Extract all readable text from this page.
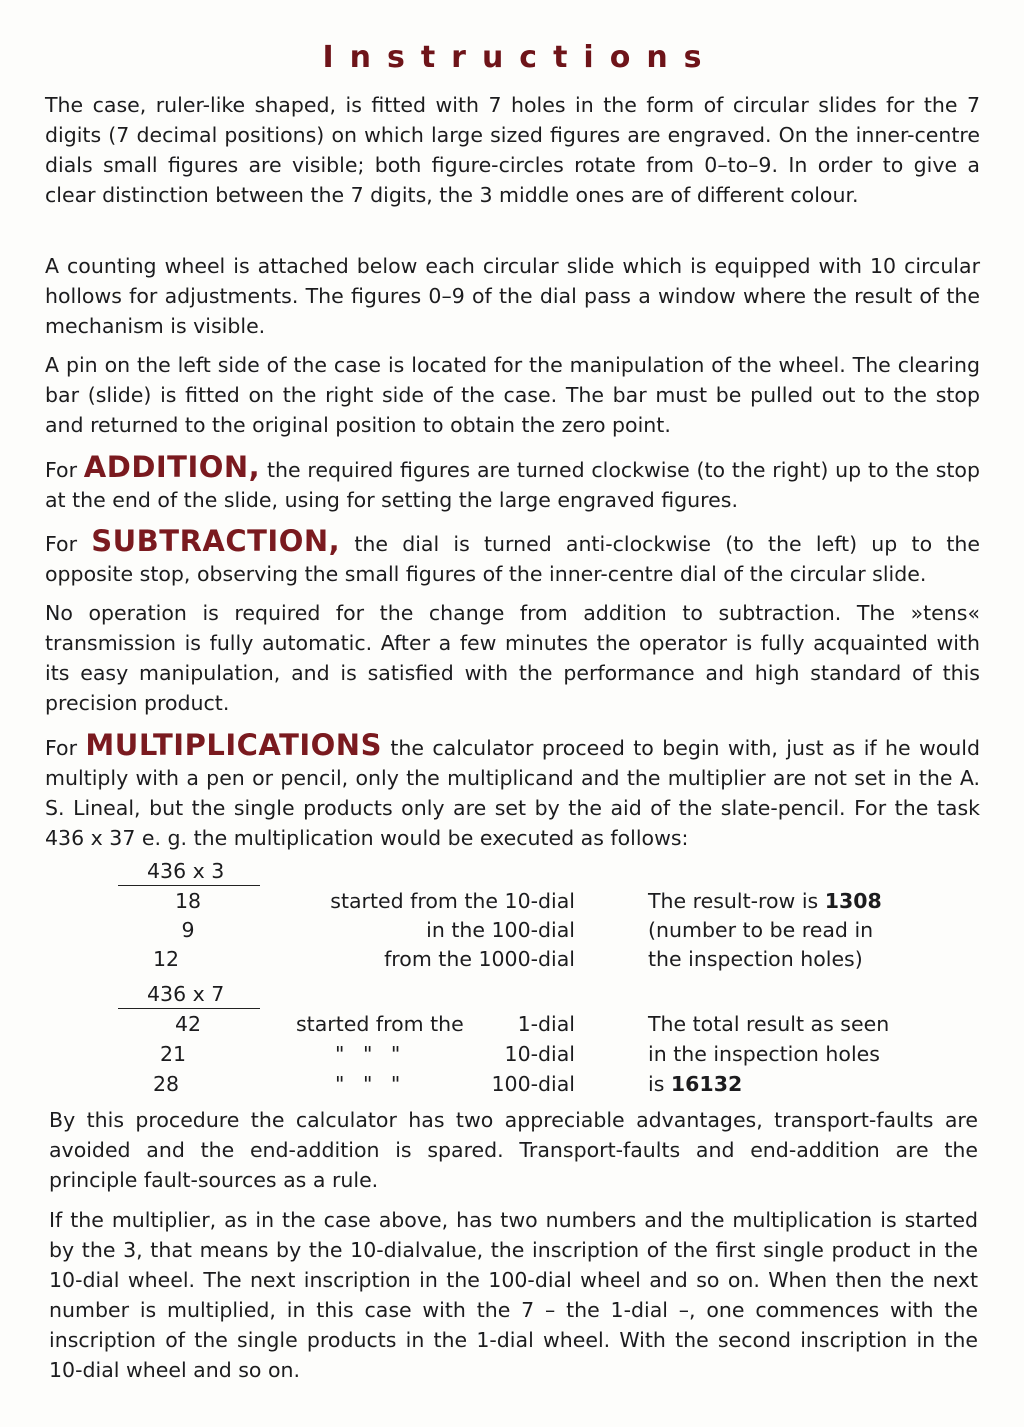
Instructions

The case, ruler-like shaped, is fitted with 7 holes in the form of circular slides for the 7 digits (7 decimal positions) on which large sized figures are engraved. On the inner-centre dials small figures are visible; both figure-circles rotate from 0–to–9. In order to give a clear distinction between the 7 digits, the 3 middle ones are of different colour.

A counting wheel is attached below each circular slide which is equipped with 10 circular hollows for adjustments. The figures 0–9 of the dial pass a window where the result of the mechanism is visible.

A pin on the left side of the case is located for the manipulation of the wheel. The clearing bar (slide) is fitted on the right side of the case. The bar must be pulled out to the stop and returned to the original position to obtain the zero point.

For ADDITION, the required figures are turned clockwise (to the right) up to the stop at the end of the slide, using for setting the large engraved figures.

For SUBTRACTION, the dial is turned anti-clockwise (to the left) up to the opposite stop, observing the small figures of the inner-centre dial of the circular slide.

No operation is required for the change from addition to subtraction. The »tens« transmission is fully automatic. After a few minutes the operator is fully acquainted with its easy manipulation, and is satisfied with the performance and high standard of this precision product.

For MULTIPLICATIONS the calculator proceed to begin with, just as if he would multiply with a pen or pencil, only the multiplicand and the multiplier are not set in the A. S. Lineal, but the single products only are set by the aid of the slate-pencil. For the task 436 x 37 e. g. the multiplication would be executed as follows:

436 x 3
18
9
12
started from the 10-dial
in the 100-dial
from the 1000-dial
The result-row is 1308
(number to be read in
the inspection holes)
436 x 7
42
21
28
started from the
" " "
" " "
1-dial
10-dial
100-dial
The total result as seen
in the inspection holes
is 16132

By this procedure the calculator has two appreciable advantages, transport-faults are avoided and the end-addition is spared. Transport-faults and end-addition are the principle fault-sources as a rule.

If the multiplier, as in the case above, has two numbers and the multiplication is started by the 3, that means by the 10-dialvalue, the inscription of the first single product in the 10-dial wheel. The next inscription in the 100-dial wheel and so on. When then the next number is multiplied, in this case with the 7 – the 1-dial –, one commences with the inscription of the single products in the 1-dial wheel. With the second inscription in the 10-dial wheel and so on.
